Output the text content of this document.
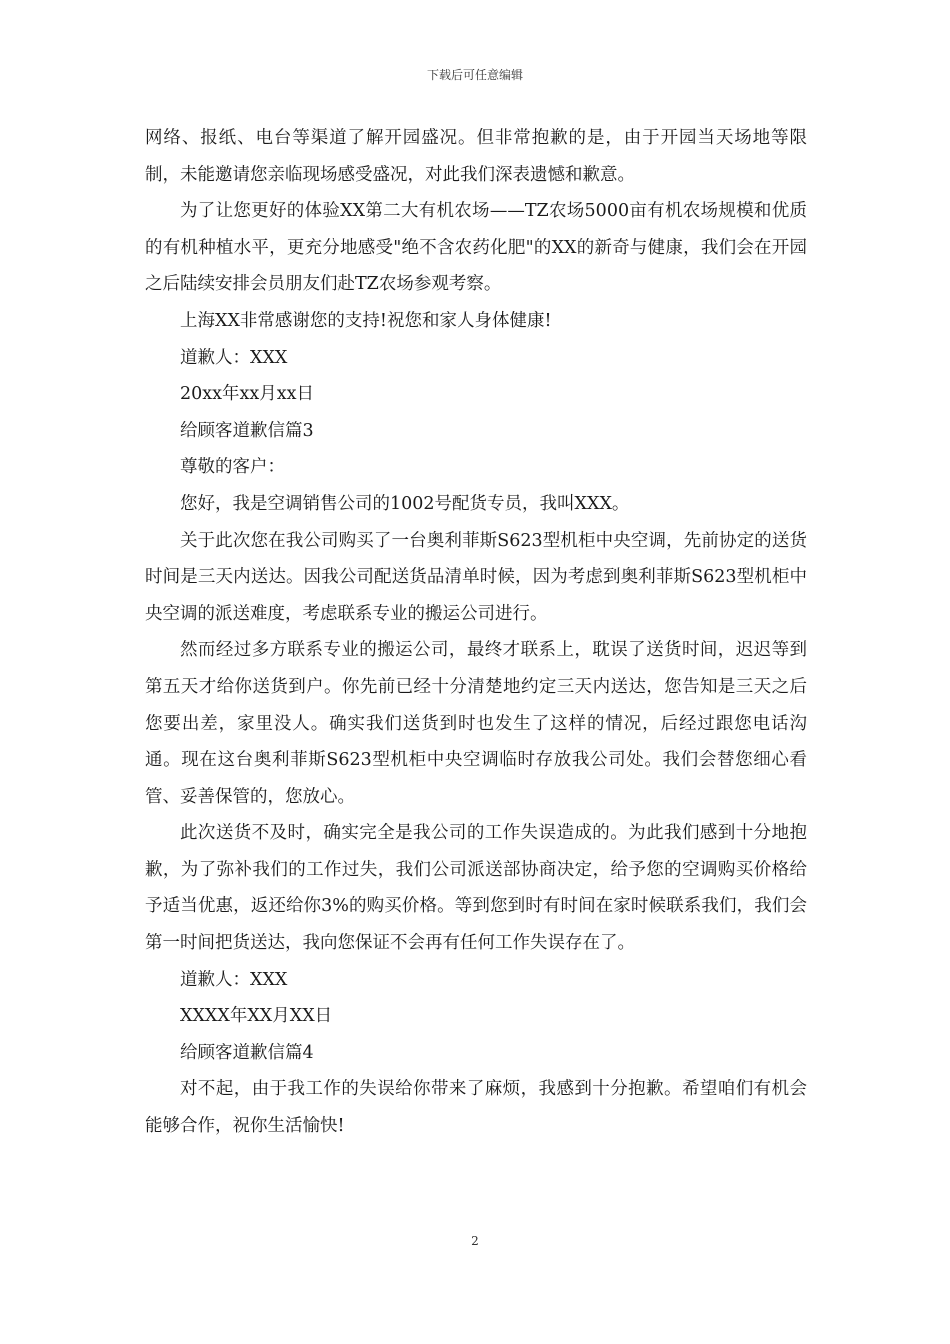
下载后可任意编辑

网络、报纸、电台等渠道了解开园盛况。但非常抱歉的是，由于开园当天场地等限制，未能邀请您亲临现场感受盛况，对此我们深表遗憾和歉意。

为了让您更好的体验XX第二大有机农场——TZ农场5000亩有机农场规模和优质的有机种植水平，更充分地感受"绝不含农药化肥"的XX的新奇与健康，我们会在开园之后陆续安排会员朋友们赴TZ农场参观考察。

上海XX非常感谢您的支持!祝您和家人身体健康!

道歉人：XXX

20xx年xx月xx日

给顾客道歉信篇3

尊敬的客户：

您好，我是空调销售公司的1002号配货专员，我叫XXX。

关于此次您在我公司购买了一台奥利菲斯S623型机柜中央空调，先前协定的送货时间是三天内送达。因我公司配送货品清单时候，因为考虑到奥利菲斯S623型机柜中央空调的派送难度，考虑联系专业的搬运公司进行。

然而经过多方联系专业的搬运公司，最终才联系上，耽误了送货时间，迟迟等到第五天才给你送货到户。你先前已经十分清楚地约定三天内送达，您告知是三天之后您要出差，家里没人。确实我们送货到时也发生了这样的情况，后经过跟您电话沟通。现在这台奥利菲斯S623型机柜中央空调临时存放我公司处。我们会替您细心看管、妥善保管的，您放心。

此次送货不及时，确实完全是我公司的工作失误造成的。为此我们感到十分地抱歉，为了弥补我们的工作过失，我们公司派送部协商决定，给予您的空调购买价格给予适当优惠，返还给你3%的购买价格。等到您到时有时间在家时候联系我们，我们会第一时间把货送达，我向您保证不会再有任何工作失误存在了。

道歉人：XXX

XXXX年XX月XX日

给顾客道歉信篇4

对不起，由于我工作的失误给你带来了麻烦，我感到十分抱歉。希望咱们有机会能够合作，祝你生活愉快!

2
